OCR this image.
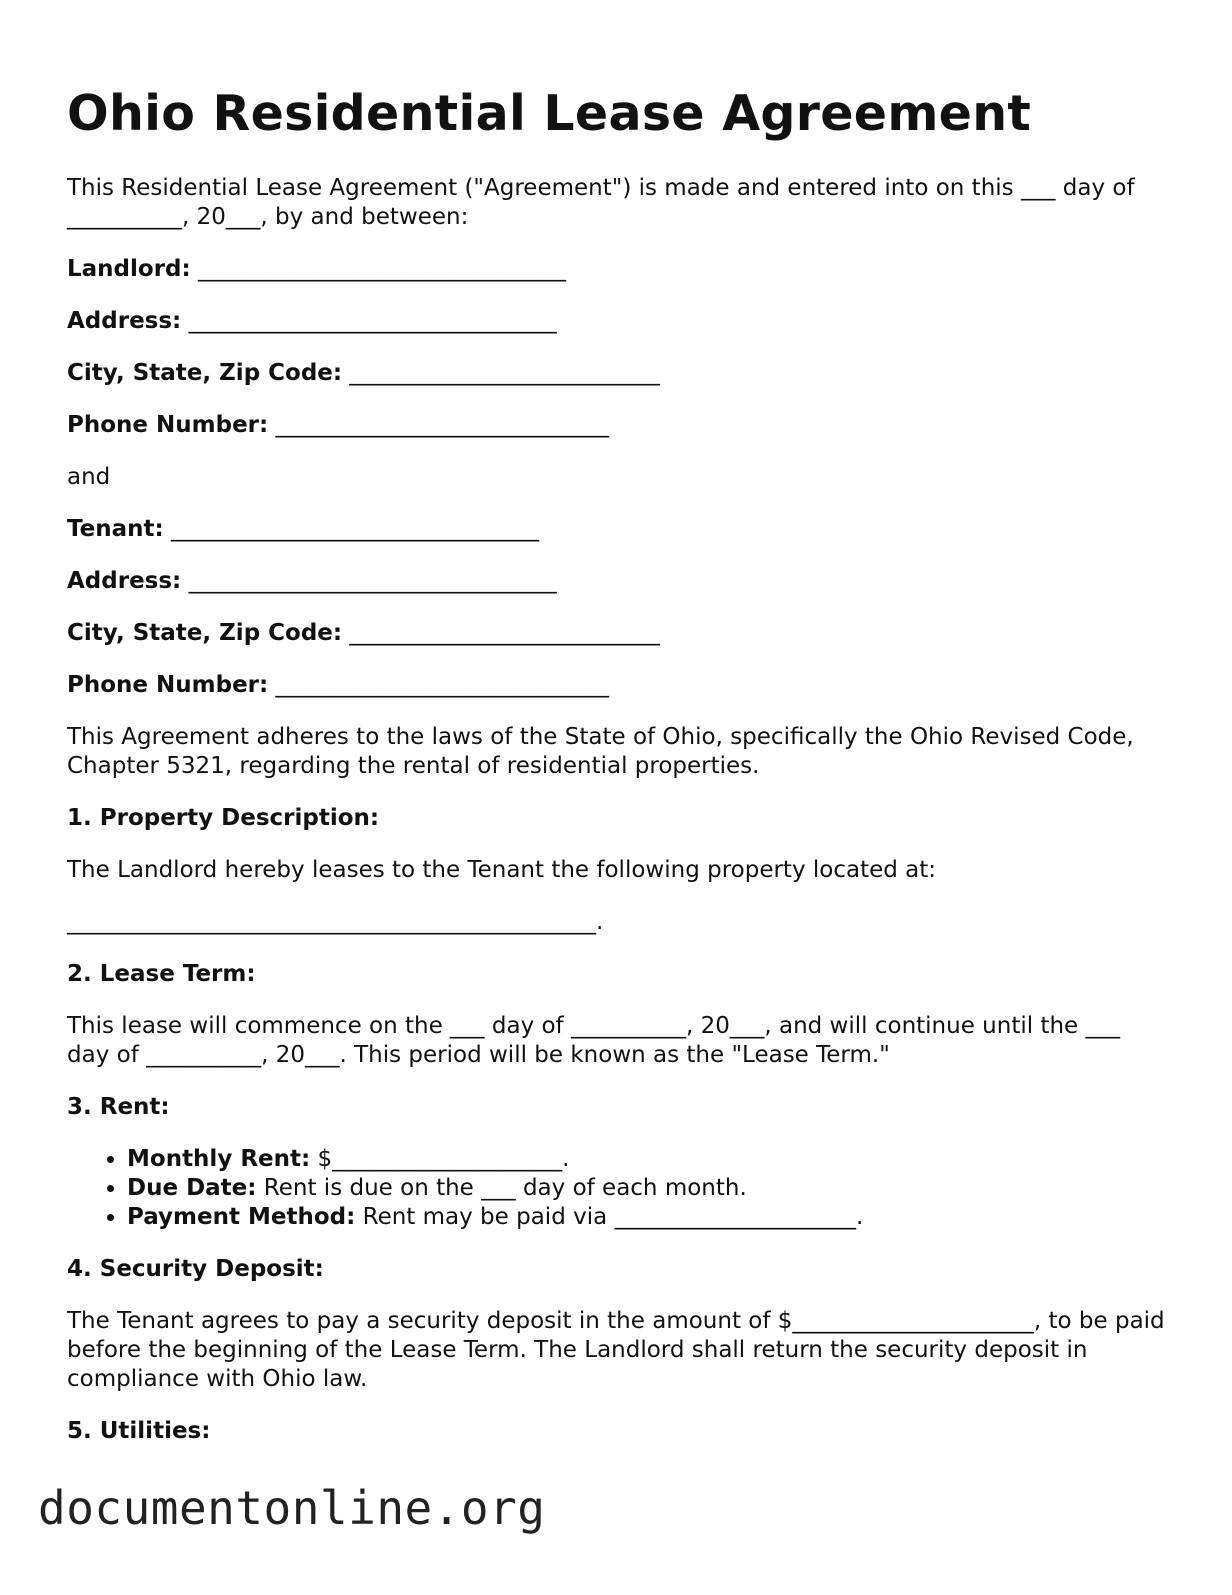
Ohio Residential Lease Agreement

This Residential Lease Agreement ("Agreement") is made and entered into on this ___ day of __________, 20___, by and between:

Landlord: ________________________________
Address: ________________________________
City, State, Zip Code: ___________________________
Phone Number: _____________________________

and

Tenant: ________________________________
Address: ________________________________
City, State, Zip Code: ___________________________
Phone Number: _____________________________

This Agreement adheres to the laws of the State of Ohio, specifically the Ohio Revised Code, Chapter 5321, regarding the rental of residential properties.

1. Property Description:

The Landlord hereby leases to the Tenant the following property located at:

______________________________________________.
2. Lease Term:

This lease will commence on the ___ day of __________, 20___, and will continue until the ___ day of __________, 20___. This period will be known as the "Lease Term."

3. Rent:
• Monthly Rent: $____________________.
• Due Date: Rent is due on the ___ day of each month.
• Payment Method: Rent may be paid via _____________________.
4. Security Deposit:

The Tenant agrees to pay a security deposit in the amount of $_____________________, to be paid before the beginning of the Lease Term. The Landlord shall return the security deposit in compliance with Ohio law.

5. Utilities:
documentonline.org
